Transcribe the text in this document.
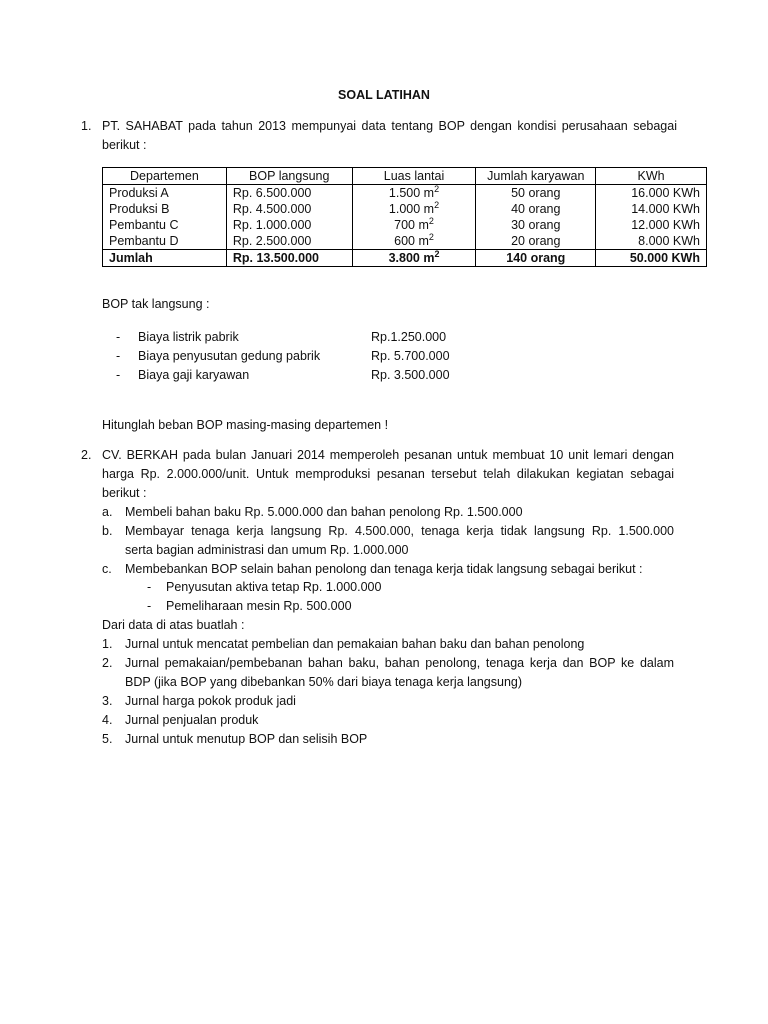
SOAL LATIHAN
1. PT. SAHABAT pada tahun 2013 mempunyai data tentang BOP dengan kondisi perusahaan sebagai
berikut :
Departemen	BOP langsung	Luas lantai	Jumlah karyawan	KWh
Produksi A	Rp. 6.500.000	1.500 $m^2$	50 orang	16.000 KWh
Produksi B	Rp. 4.500.000	1.000 $m^2$	40 orang	14.000 KWh
Pembantu C	Rp. 1.000.000	700 $m^2$	30 orang	12.000 KWh
Pembantu D	Rp. 2.500.000	600 $m^2$	20 orang	8.000 KWh
Jumlah	Rp. 13.500.000	3.800 $m^2$	140 orang	50.000 KWh
BOP tak langsung :
- Biaya listrik pabrik	Rp.1.250.000
- Biaya penyusutan gedung pabrik	Rp. 5.700.000
- Biaya gaji karyawan	Rp. 3.500.000
Hitunglah beban BOP masing-masing departemen !
2. CV. BERKAH pada bulan Januari 2014 memperoleh pesanan untuk membuat 10 unit lemari dengan
harga Rp. 2.000.000/unit. Untuk memproduksi pesanan tersebut telah dilakukan kegiatan sebagai
berikut :
a. Membeli bahan baku Rp. 5.000.000 dan bahan penolong Rp. 1.500.000
b. Membayar tenaga kerja langsung Rp. 4.500.000, tenaga kerja tidak langsung Rp. 1.500.000
serta bagian administrasi dan umum Rp. 1.000.000
c. Membebankan BOP selain bahan penolong dan tenaga kerja tidak langsung sebagai berikut :
- Penyusutan aktiva tetap Rp. 1.000.000
- Pemeliharaan mesin Rp. 500.000
Dari data di atas buatlah :
1. Jurnal untuk mencatat pembelian dan pemakaian bahan baku dan bahan penolong
2. Jurnal pemakaian/pembebanan bahan baku, bahan penolong, tenaga kerja dan BOP ke dalam
BDP (jika BOP yang dibebankan 50% dari biaya tenaga kerja langsung)
3. Jurnal harga pokok produk jadi
4. Jurnal penjualan produk
5. Jurnal untuk menutup BOP dan selisih BOP
